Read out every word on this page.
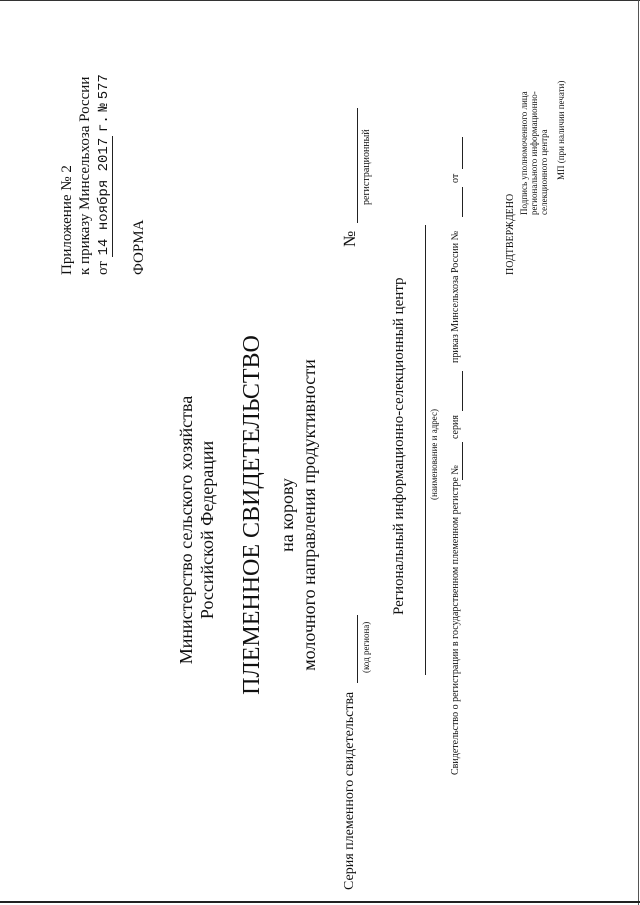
Приложение № 2 к приказу Минсельхоза России от 14 ноября 2017 г. № 577
ФОРМА
Министерство сельского хозяйства Российской Федерации ПЛЕМЕННОЕ СВИДЕТЕЛЬСТВО на корову молочного направления продуктивности
№
регистрационный
Серия племенного свидетельства
(код региона)
Региональный информационно-селекционный центр (наименование и адрес)
Свидетельство о регистрации в государственном племенном регистре №
серия
приказ Минсельхоза России №
от
ПОДТВЕРЖДЕНО
Подпись уполномоченного лица регионального информационно- селекционного центра МП (при наличии печати)
